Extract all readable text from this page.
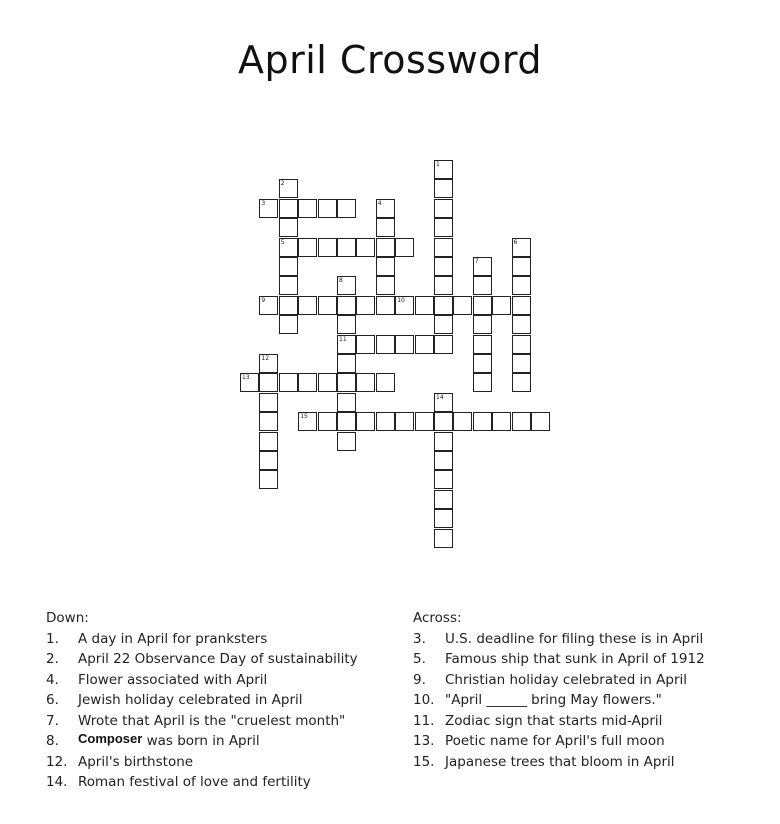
April Crossword
1
2
5
3	4
6
7
8
11
9	10
12
13
14
15
Down:
1.	A day in April for pranksters
2.	April 22 Observance Day of sustainability
4.	Flower associated with April
6.	Jewish holiday celebrated in April
7.	Wrote that April is the "cruelest month"
8.	Composer was born in April
12. April's birthstone
14. Roman festival of love and fertility
Across:
3.	U.S. deadline for filing these is in April
5.	Famous ship that sunk in April of 1912
9.	Christian holiday celebrated in April
10. "April ______ bring May flowers."
11. Zodiac sign that starts mid-April
13. Poetic name for April's full moon
15. Japanese trees that bloom in April
